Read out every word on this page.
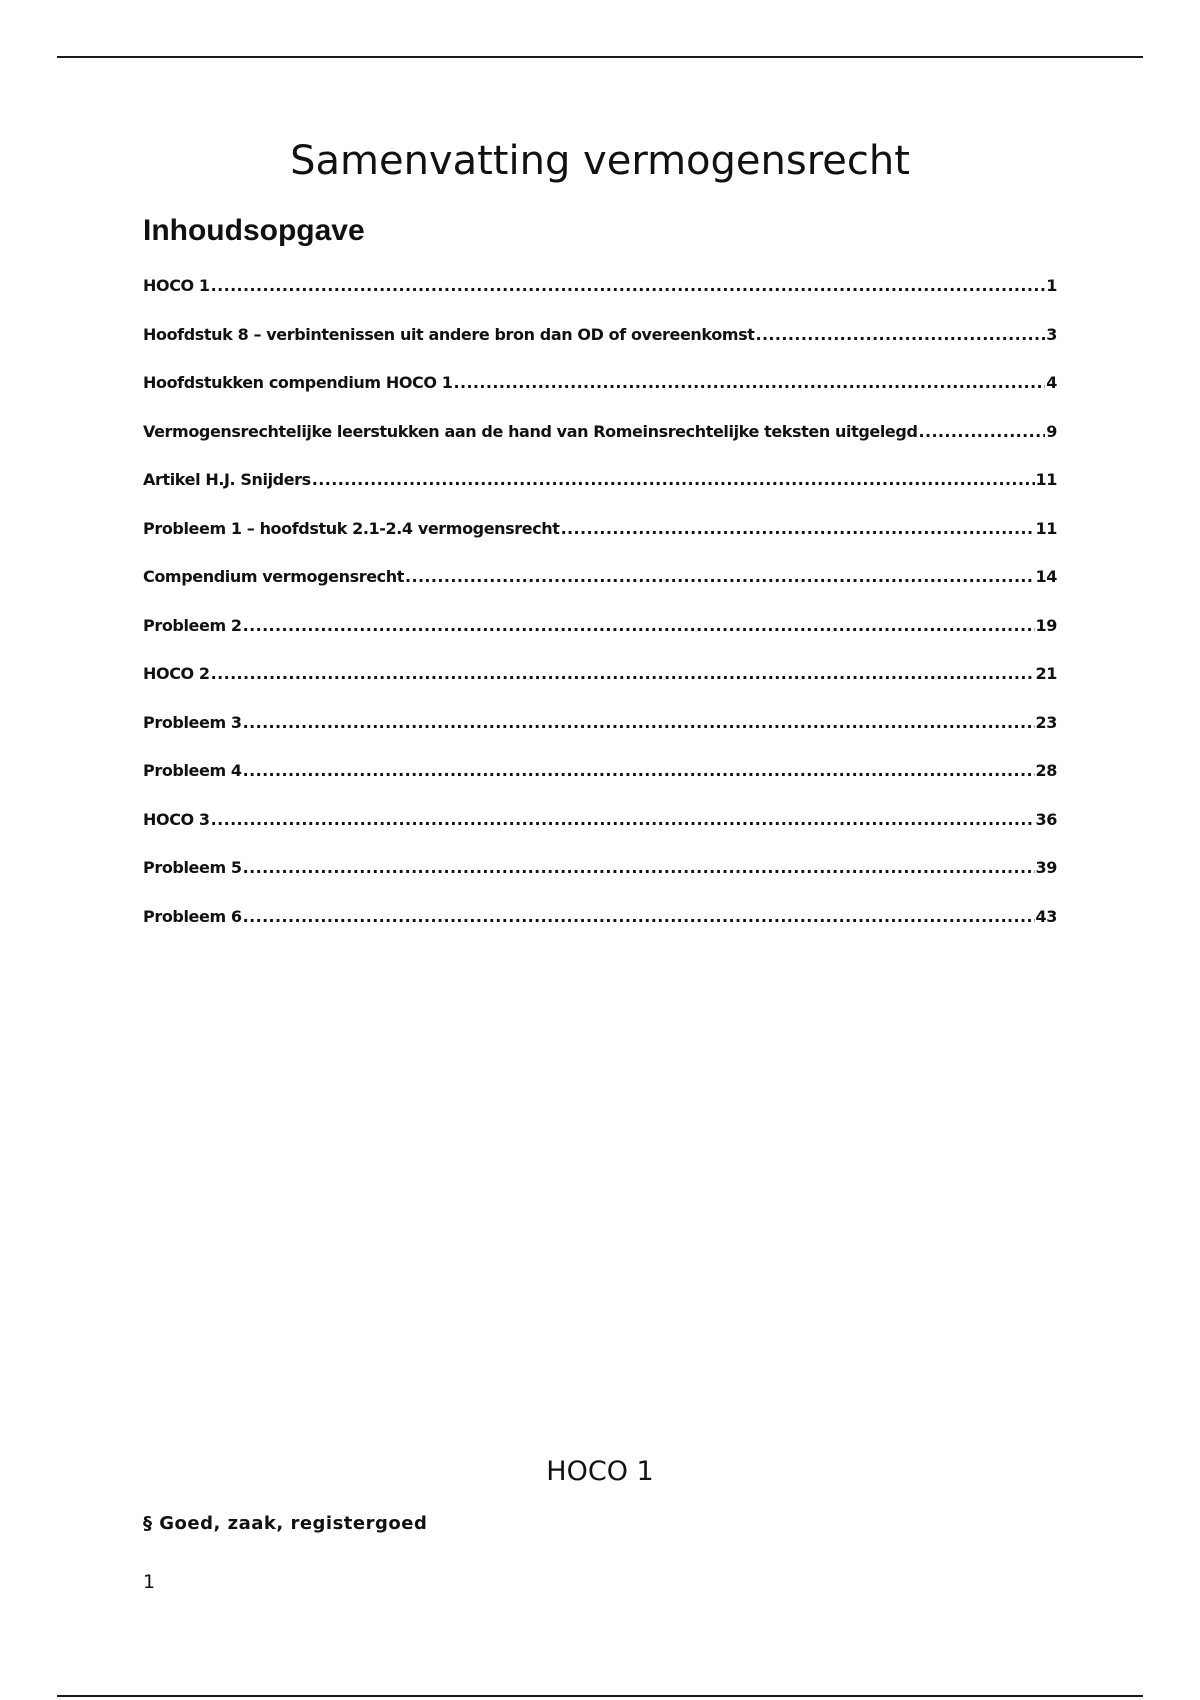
Samenvatting vermogensrecht
Inhoudsopgave
HOCO 1 .....	1
Hoofdstuk 8 – verbintenissen uit andere bron dan OD of overeenkomst .....	3
Hoofdstukken compendium HOCO 1 .....	4
Vermogensrechtelijke leerstukken aan de hand van Romeinsrechtelijke teksten uitgelegd .....	9
Artikel H.J. Snijders .....	11
Probleem 1 – hoofdstuk 2.1-2.4 vermogensrecht .....	11
Compendium vermogensrecht .....	14
Probleem 2 .....	19
HOCO 2 .....	21
Probleem 3 .....	23
Probleem 4 .....	28
HOCO 3 .....	36
Probleem 5 .....	39
Probleem 6 .....	43
HOCO 1

§ Goed, zaak, registergoed

1
